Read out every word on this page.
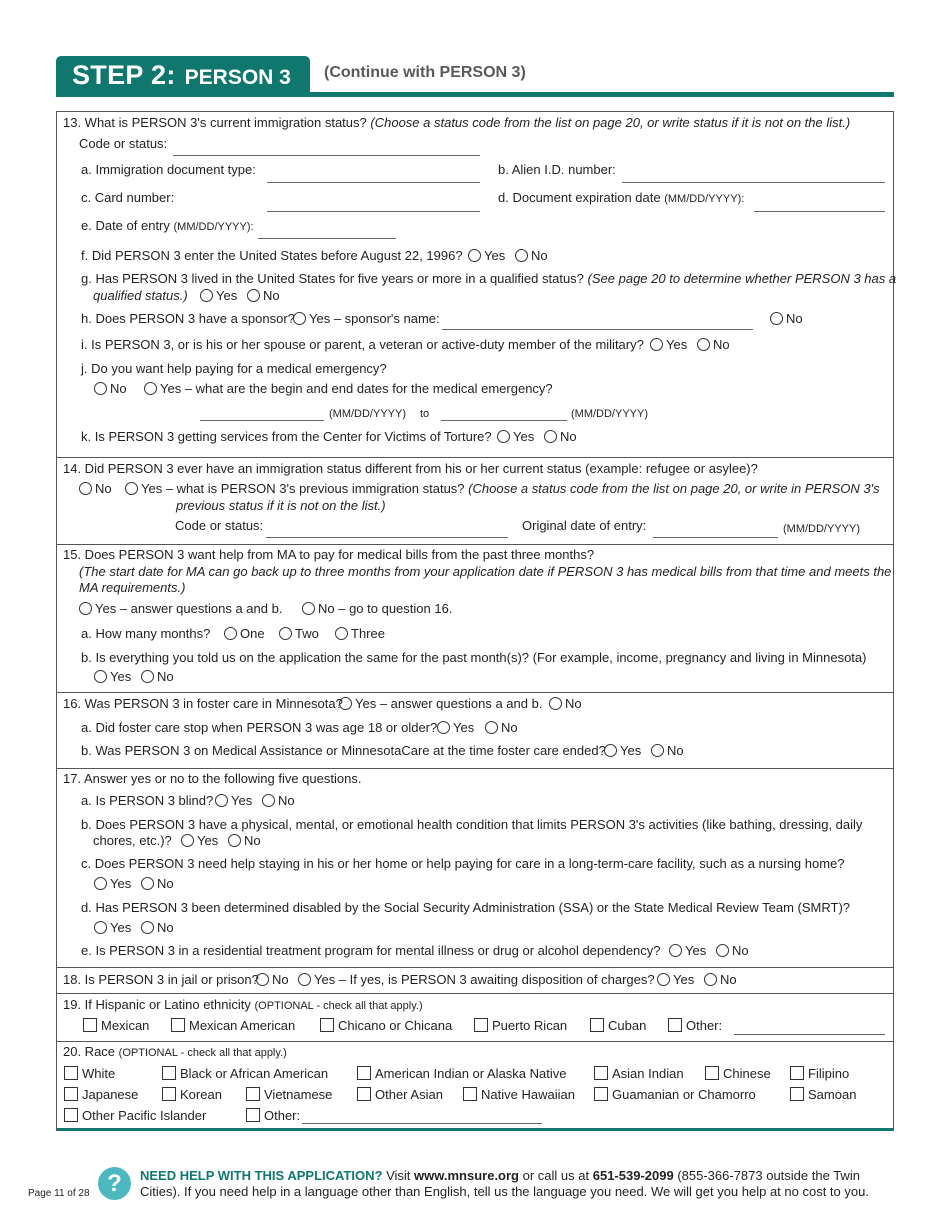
STEP 2: PERSON 3 (Continue with PERSON 3)
13. What is PERSON 3's current immigration status? (Choose a status code from the list on page 20, or write status if it is not on the list.)
Code or status:
a. Immigration document type:	b. Alien I.D. number:
c. Card number:	d. Document expiration date (MM/DD/YYYY):
e. Date of entry (MM/DD/YYYY):
f. Did PERSON 3 enter the United States before August 22, 1996?	Yes	No
g. Has PERSON 3 lived in the United States for five years or more in a qualified status? (See page 20 to determine whether PERSON 3 has a
qualified status.)	Yes	No
h. Does PERSON 3 have a sponsor?	Yes – sponsor's name:	No
i. Is PERSON 3, or is his or her spouse or parent, a veteran or active-duty member of the military?	Yes	No
j. Do you want help paying for a medical emergency?
No	Yes – what are the begin and end dates for the medical emergency?
(MM/DD/YYYY) to	(MM/DD/YYYY)
k. Is PERSON 3 getting services from the Center for Victims of Torture?	Yes	No
14. Did PERSON 3 ever have an immigration status different from his or her current status (example: refugee or asylee)?
No	Yes – what is PERSON 3's previous immigration status? (Choose a status code from the list on page 20, or write in PERSON 3's
previous status if it is not on the list.)
Code or status:	Original date of entry:	(MM/DD/YYYY)
15. Does PERSON 3 want help from MA to pay for medical bills from the past three months?
(The start date for MA can go back up to three months from your application date if PERSON 3 has medical bills from that time and meets the
MA requirements.)
Yes – answer questions a and b.	No – go to question 16.
a. How many months?	One	Two	Three
b. Is everything you told us on the application the same for the past month(s)? (For example, income, pregnancy and living in Minnesota)
Yes	No
16. Was PERSON 3 in foster care in Minnesota? Yes – answer questions a and b.	No
a. Did foster care stop when PERSON 3 was age 18 or older?	Yes	No
b. Was PERSON 3 on Medical Assistance or MinnesotaCare at the time foster care ended?	Yes	No
17. Answer yes or no to the following five questions.
a. Is PERSON 3 blind?	Yes	No
b. Does PERSON 3 have a physical, mental, or emotional health condition that limits PERSON 3's activities (like bathing, dressing, daily
chores, etc.)?	Yes	No
c. Does PERSON 3 need help staying in his or her home or help paying for care in a long-term-care facility, such as a nursing home?
Yes	No
d. Has PERSON 3 been determined disabled by the Social Security Administration (SSA) or the State Medical Review Team (SMRT)?
Yes	No
e. Is PERSON 3 in a residential treatment program for mental illness or drug or alcohol dependency?	Yes	No
18. Is PERSON 3 in jail or prison?	No	Yes – If yes, is PERSON 3 awaiting disposition of charges?	Yes	No
19. If Hispanic or Latino ethnicity (OPTIONAL - check all that apply.)
Mexican	Mexican American	Chicano or Chicana	Puerto Rican	Cuban	Other:
20. Race (OPTIONAL - check all that apply.)
White	Black or African American	American Indian or Alaska Native	Asian Indian	Chinese	Filipino
Japanese	Korean	Vietnamese	Other Asian	Native Hawaiian	Guamanian or Chamorro	Samoan
Other Pacific Islander	Other:
Page 11 of 28 ?	NEED HELP WITH THIS APPLICATION? Visit www.mnsure.org or call us at 651-539-2099 (855-366-7873 outside the Twin Cities). If you need help in a language other than English, tell us the language you need. We will get you help at no cost to you.
